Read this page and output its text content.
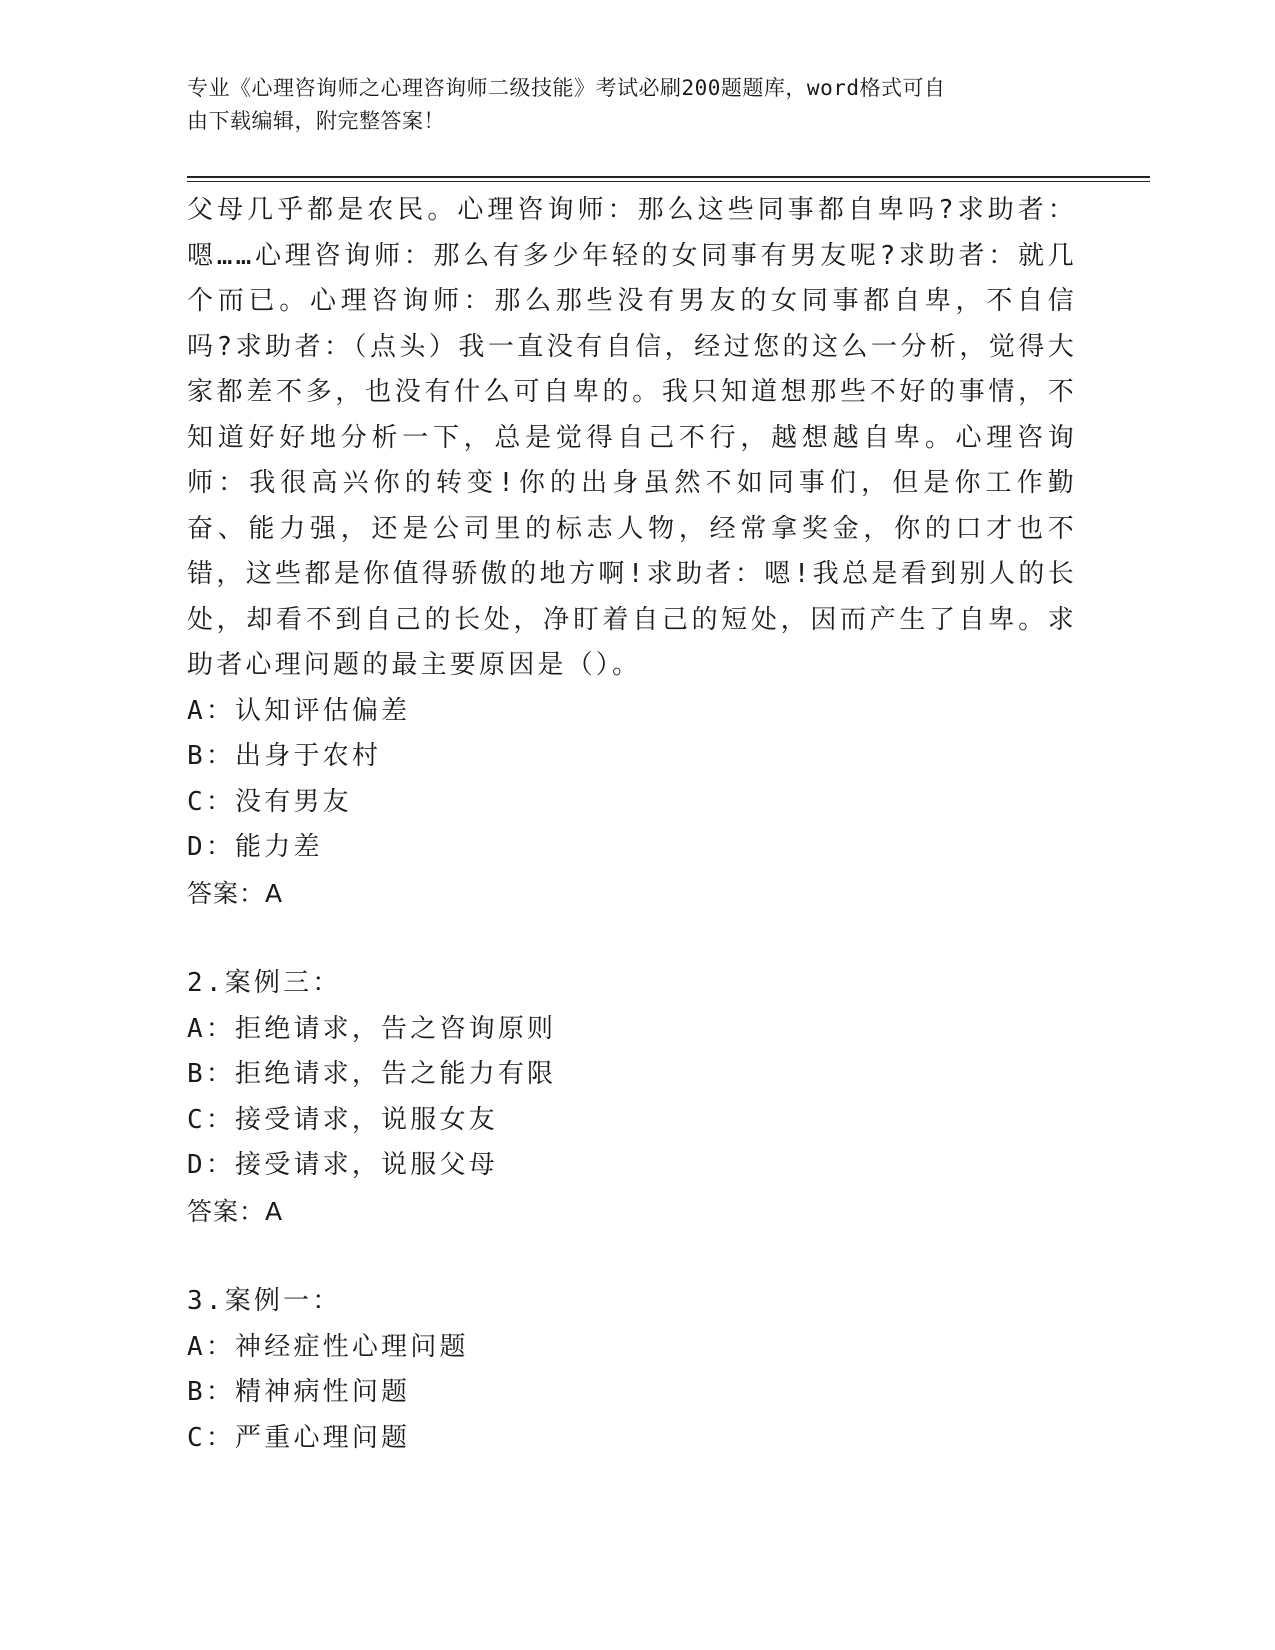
专业《心理咨询师之心理咨询师二级技能》考试必刷200题题库，word格式可自
由下载编辑，附完整答案！

父母几乎都是农民。心理咨询师：那么这些同事都自卑吗?求助者：嗯……心理咨询师：那么有多少年轻的女同事有男友呢?求助者：就几个而已。心理咨询师：那么那些没有男友的女同事都自卑，不自信吗?求助者：（点头）我一直没有自信，经过您的这么一分析，觉得大家都差不多，也没有什么可自卑的。我只知道想那些不好的事情，不知道好好地分析一下，总是觉得自己不行，越想越自卑。心理咨询师：我很高兴你的转变!你的出身虽然不如同事们，但是你工作勤奋、能力强，还是公司里的标志人物，经常拿奖金，你的口才也不错，这些都是你值得骄傲的地方啊!求助者：嗯!我总是看到别人的长处，却看不到自己的长处，净盯着自己的短处，因而产生了自卑。求助者心理问题的最主要原因是（）。

A：认知评估偏差
B：出身于农村
C：没有男友
D：能力差
答案：A
2.案例三：
A：拒绝请求，告之咨询原则
B：拒绝请求，告之能力有限
C：接受请求，说服女友
D：接受请求，说服父母
答案：A
3.案例一：
A：神经症性心理问题
B：精神病性问题
C：严重心理问题
